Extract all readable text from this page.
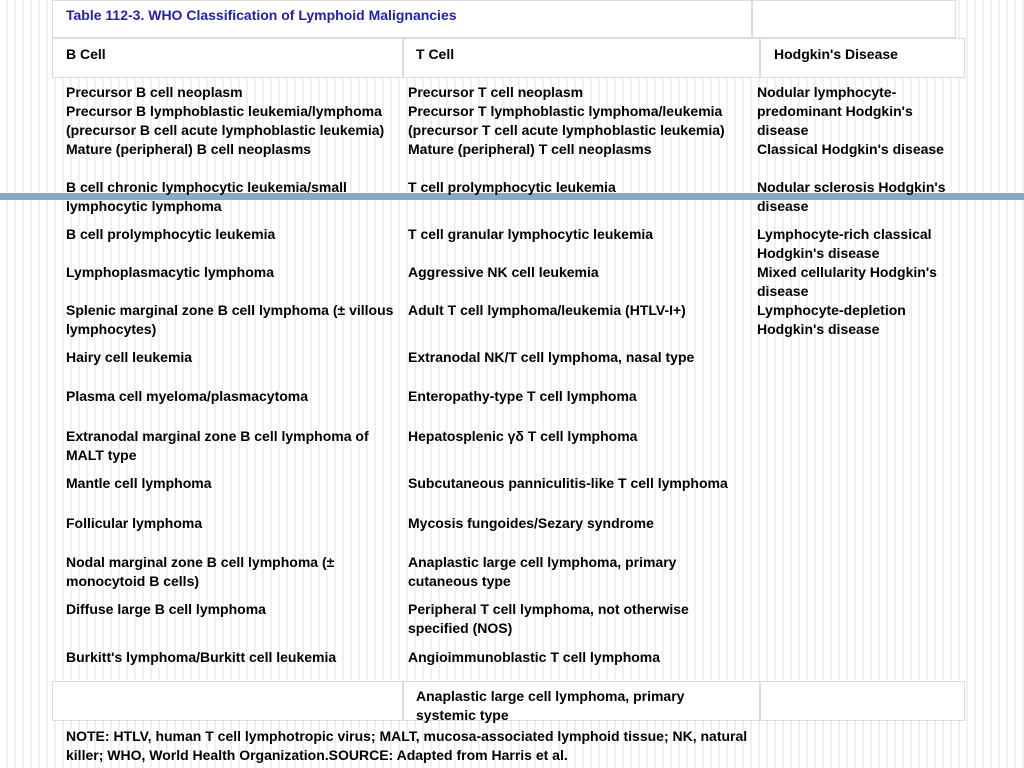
Table 112-3. WHO Classification of Lymphoid Malignancies
B Cell	T Cell	Hodgkin's Disease
Precursor B cell neoplasm
Precursor B lymphoblastic leukemia/lymphoma (precursor B cell acute lymphoblastic leukemia)
Mature (peripheral) B cell neoplasms
B cell chronic lymphocytic leukemia/small lymphocytic lymphoma
B cell prolymphocytic leukemia
Lymphoplasmacytic lymphoma
Splenic marginal zone B cell lymphoma (± villous lymphocytes)
Hairy cell leukemia
Plasma cell myeloma/plasmacytoma
Extranodal marginal zone B cell lymphoma of MALT type
Mantle cell lymphoma
Follicular lymphoma
Nodal marginal zone B cell lymphoma (± monocytoid B cells)
Diffuse large B cell lymphoma
Burkitt's lymphoma/Burkitt cell leukemia
Precursor T cell neoplasm
Precursor T lymphoblastic lymphoma/leukemia (precursor T cell acute lymphoblastic leukemia)
Mature (peripheral) T cell neoplasms
T cell prolymphocytic leukemia
T cell granular lymphocytic leukemia
Aggressive NK cell leukemia
Adult T cell lymphoma/leukemia (HTLV-I+)
Extranodal NK/T cell lymphoma, nasal type
Enteropathy-type T cell lymphoma
Hepatosplenic γδ T cell lymphoma
Subcutaneous panniculitis-like T cell lymphoma
Mycosis fungoides/Sezary syndrome
Anaplastic large cell lymphoma, primary cutaneous type
Peripheral T cell lymphoma, not otherwise specified (NOS)
Angioimmunoblastic T cell lymphoma
Anaplastic large cell lymphoma, primary systemic type
Nodular lymphocyte-predominant Hodgkin's disease
Classical Hodgkin's disease
Nodular sclerosis Hodgkin's disease
Lymphocyte-rich classical Hodgkin's disease
Mixed cellularity Hodgkin's disease
Lymphocyte-depletion Hodgkin's disease
NOTE: HTLV, human T cell lymphotropic virus; MALT, mucosa-associated lymphoid tissue; NK, natural killer; WHO, World Health Organization.SOURCE: Adapted from Harris et al.
